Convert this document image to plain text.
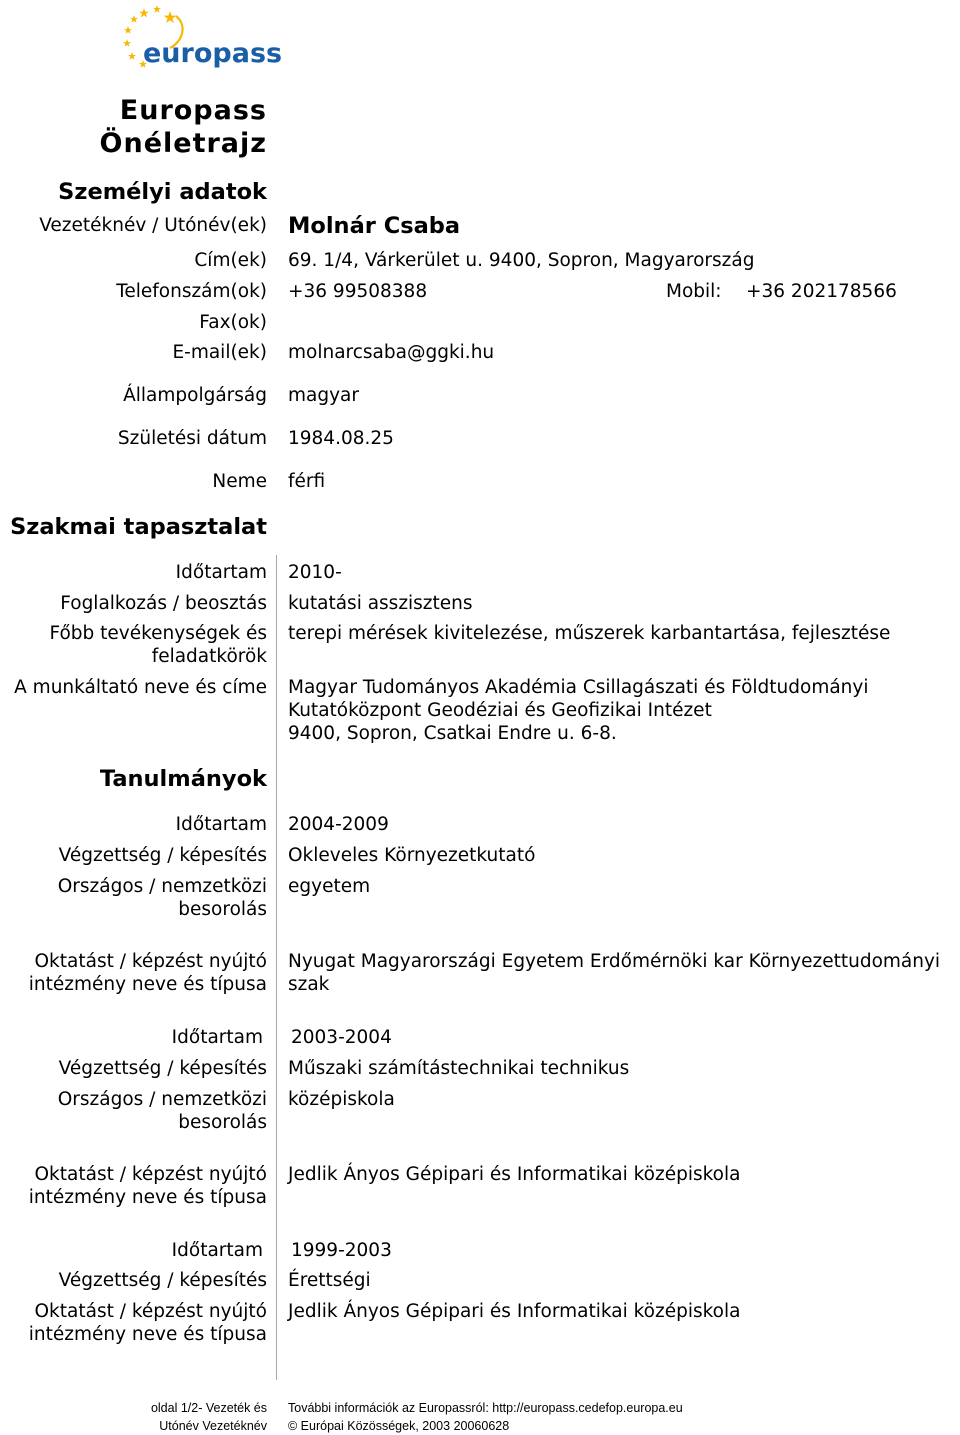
europass
Europass
Önéletrajz
Személyi adatok
Vezetéknév / Utónév(ek) Molnár Csaba
Cím(ek) 69. 1/4, Várkerület u. 9400, Sopron, Magyarország
Telefonszám(ok) +36 99508388	Mobil: +36 202178566
Fax(ok)
E-mail(ek) molnarcsaba@ggki.hu
Állampolgárság magyar
Születési dátum 1984.08.25
Neme férfi
Szakmai tapasztalat
Időtartam 2010-
Foglalkozás / beosztás kutatási asszisztens
Főbb tevékenységek és
feladatkörök
terepi mérések kivitelezése, műszerek karbantartása, fejlesztése
A munkáltató neve és címe Magyar Tudományos Akadémia Csillagászati és Földtudományi
Kutatóközpont Geodéziai és Geofizikai Intézet
9400, Sopron, Csatkai Endre u. 6-8.
Tanulmányok
Időtartam 2004-2009
Végzettség / képesítés Okleveles Környezetkutató
Országos / nemzetközi
besorolás
egyetem
Oktatást / képzést nyújtó
intézmény neve és típusa
Nyugat Magyarországi Egyetem Erdőmérnöki kar Környezettudományi
szak
Időtartam 2003-2004
Végzettség / képesítés Műszaki számítástechnikai technikus
Országos / nemzetközi
besorolás
középiskola
Oktatást / képzést nyújtó
intézmény neve és típusa
Jedlik Ányos Gépipari és Informatikai középiskola
Időtartam 1999-2003
Végzettség / képesítés Érettségi
Oktatást / képzést nyújtó
intézmény neve és típusa
Jedlik Ányos Gépipari és Informatikai középiskola
oldal 1/2- Vezeték és
Utónév Vezetéknév
További információk az Europassról: http://europass.cedefop.europa.eu
© Európai Közösségek, 2003 20060628
